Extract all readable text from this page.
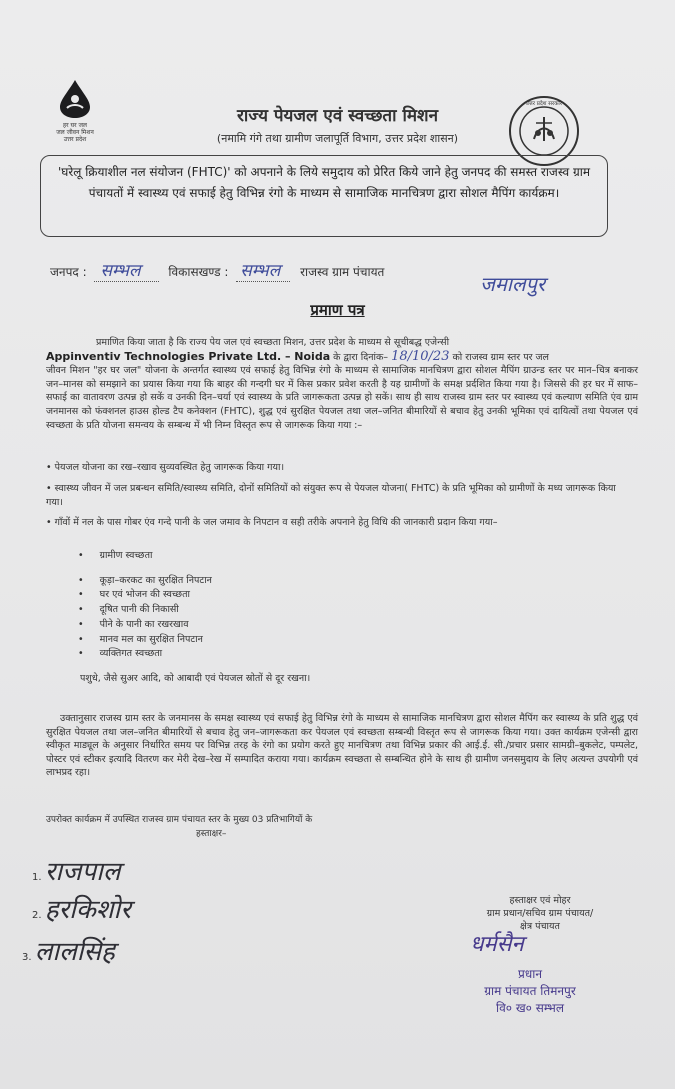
हर घर जल
जल जीवन मिशन
उत्तर प्रदेश
राज्य पेयजल एवं स्वच्छता मिशन
(नमामि गंगे तथा ग्रामीण जलापूर्ति विभाग, उत्तर प्रदेश शासन)
उत्तर प्रदेश सरकार
'घरेलू क्रियाशील नल संयोजन (FHTC)' को अपनाने के लिये समुदाय को प्रेरित किये जाने हेतु जनपद की समस्त राजस्व ग्राम पंचायतों में स्वास्थ्य एवं सफाई हेतु विभिन्न रंगो के माध्यम से सामाजिक मानचित्रण द्वारा सोशल मैपिंग कार्यक्रम।
जनपद : सम्भल विकासखण्ड : सम्भल राजस्व ग्राम पंचायत	जमालपुर
प्रमाण पत्र
प्रमाणित किया जाता है कि राज्य पेय जल एवं स्वच्छता मिशन, उत्तर प्रदेश के माध्यम से सूचीबद्ध एजेन्सी
Appinventiv Technologies Private Ltd. – Noida के द्वारा दिनांक– 18/10/23 को राजस्व ग्राम स्तर पर जल
जीवन मिशन "हर घर जल" योजना के अन्तर्गत स्वास्थ्य एवं सफाई हेतु विभिन्न रंगो के माध्यम से सामाजिक मानचित्रण द्वारा सोशल मैपिंग ग्राउन्ड स्तर पर मान–चित्र बनाकर जन–मानस को समझाने का प्रयास किया गया कि बाहर की गन्दगी घर में किस प्रकार प्रवेश करती है यह ग्रामीणों के समक्ष प्रर्दशित किया गया है। जिससे की हर घर में साफ–सफाई का वातावरण उत्पन्न हो सकें व उनकी दिन–चर्या एवं स्वास्थ्य के प्रति जागरूकता उत्पन्न हो सकें। साथ ही साथ राजस्व ग्राम स्तर पर स्वास्थ्य एवं कल्याण समिति एंव ग्राम जनमानस को फंक्शनल हाउस होल्ड टैप कनेक्शन (FHTC), शुद्ध एवं सुरक्षित पेयजल तथा जल–जनित बीमारियों से बचाव हेतु उनकी भूमिका एवं दायित्वों तथा पेयजल एवं स्वच्छता के प्रति योजना समन्वय के सम्बन्ध में भी निम्न विस्तृत रूप से जागरूक किया गया :–
• पेयजल योजना का रख–रखाव सुव्यवस्थित हेतु जागरूक किया गया।
• स्वास्थ्य जीवन में जल प्रबन्धन समिति/स्वास्थ्य समिति, दोनों समितियों को संयुक्त रूप से पेयजल योजना( FHTC) के प्रति भूमिका को ग्रामीणों के मध्य जागरूक किया गया।
• गाँवों में नल के पास गोबर एंव गन्दे पानी के जल जमाव के निपटान व सही तरीके अपनाने हेतु विधि की जानकारी प्रदान किया गया–
• ग्रामीण स्वच्छता
• कूड़ा–करकट का सुरक्षित निपटान
• घर एवं भोजन की स्वच्छता
• दूषित पानी की निकासी
• पीने के पानी का रखरखाव
• मानव मल का सुरक्षित निपटान
• व्यक्तिगत स्वच्छता
पशुधे, जैसे सुअर आदि, को आबादी एवं पेयजल स्रोतों से दूर रखना।
उक्तानुसार राजस्व ग्राम स्तर के जनमानस के समक्ष स्वास्थ्य एवं सफाई हेतु विभिन्न रंगो के माध्यम से सामाजिक मानचित्रण द्वारा सोशल मैपिंग कर स्वास्थ्य के प्रति शुद्ध एवं सुरक्षित पेयजल तथा जल–जनित बीमारियों से बचाव हेतु जन–जागरूकता कर पेयजल एवं स्वच्छता सम्बन्धी विस्तृत रूप से जागरूक किया गया। उक्त कार्यक्रम एजेन्सी द्वारा स्वीकृत माड्यूल के अनुसार निर्धारित समय पर विभिन्न तरह के रंगो का प्रयोग करते हुए मानचित्रण तथा विभिन्न प्रकार की आई.ई. सी./प्रचार प्रसार सामग्री–बुकलेट, पम्पलेट, पोस्टर एवं स्टीकर इत्यादि वितरण कर मेरी देख–रेख में सम्पादित कराया गया। कार्यक्रम स्वच्छता से सम्बन्धित होने के साथ ही ग्रामीण जनसमुदाय के लिए अत्यन्त उपयोगी एवं लाभप्रद रहा।
उपरोक्त कार्यक्रम में उपस्थित राजस्व ग्राम पंचायत स्तर के मुख्य 03 प्रतिभागियों के
हस्ताक्षर–
1. राजपाल
2. हरकिशोर
3. लालसिंह
हस्ताक्षर एवं मोहर
ग्राम प्रधान/सचिव ग्राम पंचायत/
क्षेत्र पंचायत
धर्मसैन
प्रधान
ग्राम पंचायत तिमनपुर
वि० ख० सम्भल
